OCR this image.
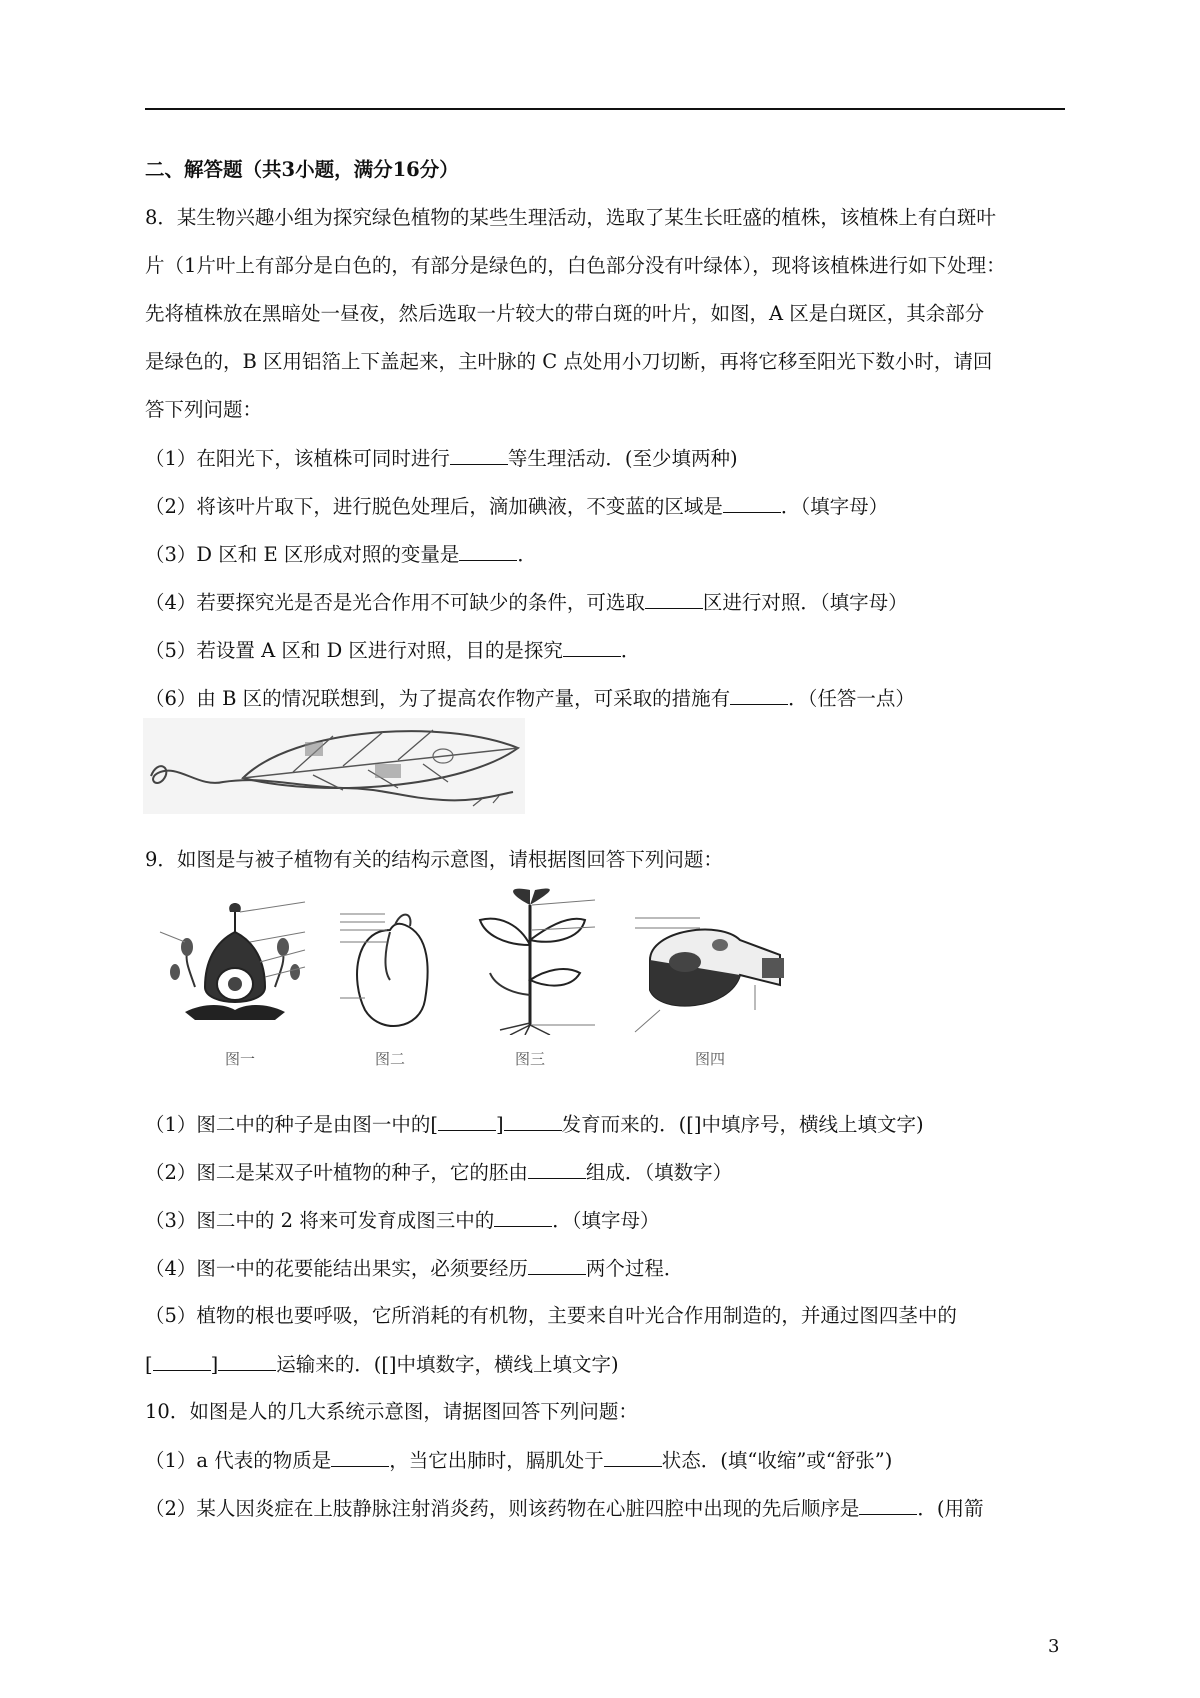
二、解答题（共3小题，满分16分）
8．某生物兴趣小组为探究绿色植物的某些生理活动，选取了某生长旺盛的植株，该植株上有白斑叶
片（1片叶上有部分是白色的，有部分是绿色的，白色部分没有叶绿体），现将该植株进行如下处理：
先将植株放在黑暗处一昼夜，然后选取一片较大的带白斑的叶片，如图，A 区是白斑区，其余部分
是绿色的，B 区用铝箔上下盖起来，主叶脉的 C 点处用小刀切断，再将它移至阳光下数小时，请回
答下列问题：
（1）在阳光下，该植株可同时进行	等生理活动．(至少填两种)
（2）将该叶片取下，进行脱色处理后，滴加碘液，不变蓝的区域是	．（填字母）
（3）D 区和 E 区形成对照的变量是	．
（4）若要探究光是否是光合作用不可缺少的条件，可选取	区进行对照．（填字母）
（5）若设置 A 区和 D 区进行对照，目的是探究	．
（6）由 B 区的情况联想到，为了提高农作物产量，可采取的措施有	．（任答一点）
9．如图是与被子植物有关的结构示意图，请根据图回答下列问题：
图一	图二	图三	图四
（1）图二中的种子是由图一中的[	]	发育而来的．([]中填序号，横线上填文字)
（2）图二是某双子叶植物的种子，它的胚由	组成．（填数字）
（3）图二中的 2 将来可发育成图三中的	．（填字母）
（4）图一中的花要能结出果实，必须要经历	两个过程．
（5）植物的根也要呼吸，它所消耗的有机物，主要来自叶光合作用制造的，并通过图四茎中的
[	]	运输来的．([]中填数字，横线上填文字)
10．如图是人的几大系统示意图，请据图回答下列问题：
（1）a 代表的物质是	，当它出肺时，膈肌处于	状态．(填“收缩”或“舒张”)
（2）某人因炎症在上肢静脉注射消炎药，则该药物在心脏四腔中出现的先后顺序是	．(用箭
3
